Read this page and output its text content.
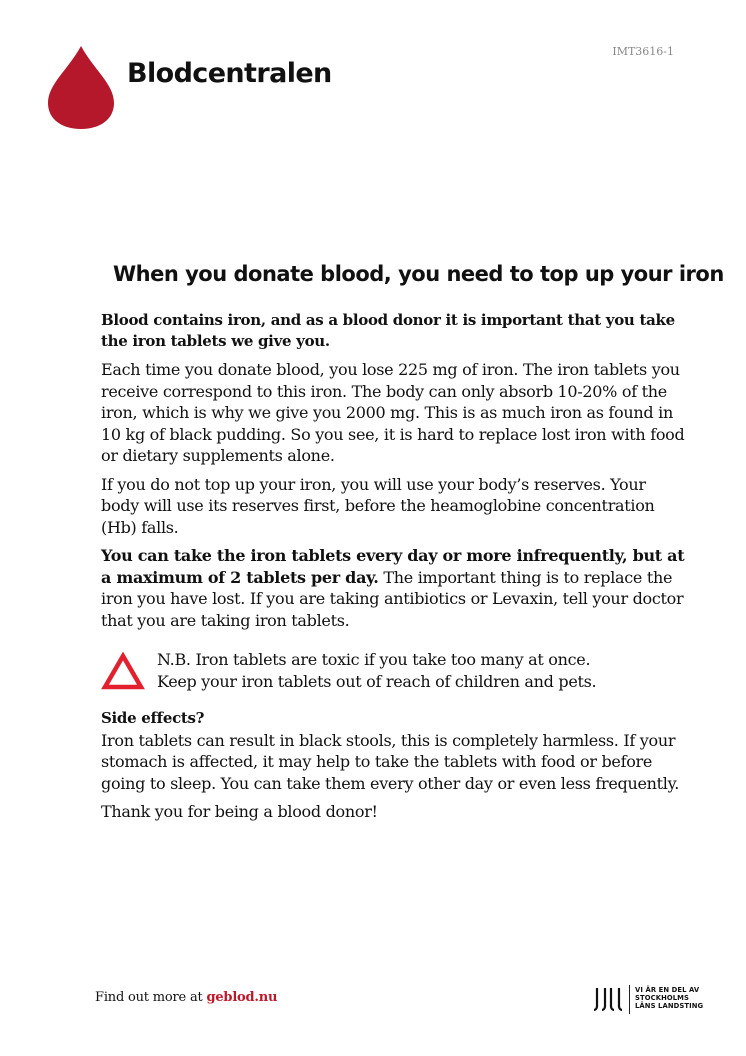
IMT3616-1
Blodcentralen
When you donate blood, you need to top up your iron

Blood contains iron, and as a blood donor it is important that you take the iron tablets we give you.

Each time you donate blood, you lose 225 mg of iron. The iron tablets you receive correspond to this iron. The body can only absorb 10-20% of the iron, which is why we give you 2000 mg. This is as much iron as found in 10 kg of black pudding. So you see, it is hard to replace lost iron with food or dietary supplements alone.

If you do not top up your iron, you will use your body’s reserves. Your body will use its reserves first, before the heamoglobine concentration (Hb) falls.

You can take the iron tablets every day or more infrequently, but at a maximum of 2 tablets per day. The important thing is to replace the iron you have lost. If you are taking antibiotics or Levaxin, tell your doctor that you are taking iron tablets.

N.B. Iron tablets are toxic if you take too many at once.
Keep your iron tablets out of reach of children and pets.
Side effects?

Iron tablets can result in black stools, this is completely harmless. If your stomach is affected, it may help to take the tablets with food or before going to sleep. You can take them every other day or even less frequently.

Thank you for being a blood donor!

Find out more at geblod.nu	VI ÄR EN DEL AV
STOCKHOLMS
LÄNS LANDSTING
